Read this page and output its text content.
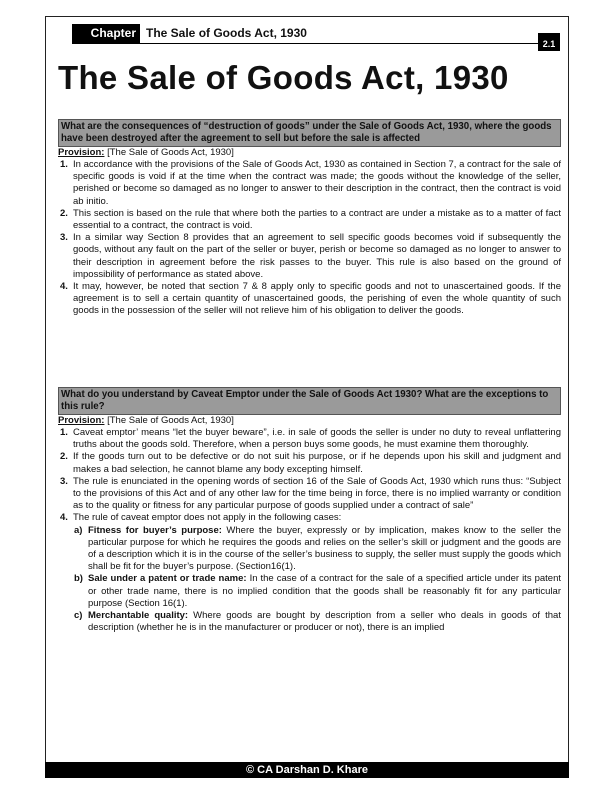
Chapter The Sale of Goods Act, 1930
2.1
The Sale of Goods Act, 1930
What are the consequences of “destruction of goods” under the Sale of Goods Act, 1930, where the goods have been destroyed after the agreement to sell but before the sale is affected

Provision: [The Sale of Goods Act, 1930]

1. In accordance with the provisions of the Sale of Goods Act, 1930 as contained in Section 7, a contract for the sale of specific goods is void if at the time when the contract was made; the goods without the knowledge of the seller, perished or become so damaged as no longer to answer to their description in the contract, then the contract is void ab initio.
2. This section is based on the rule that where both the parties to a contract are under a mistake as to a matter of fact essential to a contract, the contract is void.
3. In a similar way Section 8 provides that an agreement to sell specific goods becomes void if subsequently the goods, without any fault on the part of the seller or buyer, perish or become so damaged as no longer to answer to their description in agreement before the risk passes to the buyer. This rule is also based on the ground of impossibility of performance as stated above.
4. It may, however, be noted that section 7 & 8 apply only to specific goods and not to unascertained goods. If the agreement is to sell a certain quantity of unascertained goods, the perishing of even the whole quantity of such goods in the possession of the seller will not relieve him of his obligation to deliver the goods.
What do you understand by Caveat Emptor under the Sale of Goods Act 1930? What are the exceptions to this rule?

Provision: [The Sale of Goods Act, 1930]

1. Caveat emptor’ means “let the buyer beware”, i.e. in sale of goods the seller is under no duty to reveal unflattering truths about the goods sold. Therefore, when a person buys some goods, he must examine them thoroughly.
2. If the goods turn out to be defective or do not suit his purpose, or if he depends upon his skill and judgment and makes a bad selection, he cannot blame any body excepting himself.
3. The rule is enunciated in the opening words of section 16 of the Sale of Goods Act, 1930 which runs thus: “Subject to the provisions of this Act and of any other law for the time being in force, there is no implied warranty or condition as to the quality or fitness for any particular purpose of goods supplied under a contract of sale”
4. The rule of caveat emptor does not apply in the following cases:
a) Fitness for buyer’s purpose: Where the buyer, expressly or by implication, makes know to the seller the particular purpose for which he requires the goods and relies on the seller’s skill or judgment and the goods are of a description which it is in the course of the seller’s business to supply, the seller must supply the goods which shall be fit for the buyer’s purpose. (Section16(1).
b) Sale under a patent or trade name: In the case of a contract for the sale of a specified article under its patent or other trade name, there is no implied condition that the goods shall be reasonably fit for any particular purpose (Section 16(1).
c) Merchantable quality: Where goods are bought by description from a seller who deals in goods of that description (whether he is in the manufacturer or producer or not), there is an implied
© CA Darshan D. Khare
